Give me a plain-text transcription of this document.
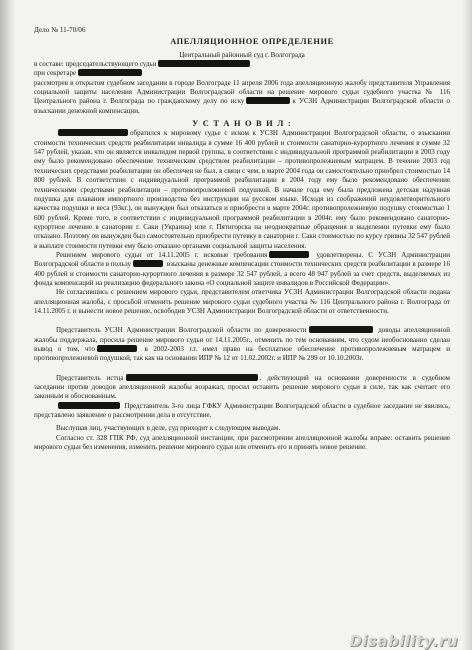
Дело № 11-70/06
АПЕЛЛЯЦИОННОЕ ОПРЕДЕЛЕНИЕ

Центральный районный суд г. Волгограда

в составе: председательствующего судьи

при секретаре

рассмотрев в открытом судебном заседании в городе Волгограде 11 апреля 2006 года апелляционную жалобу представителя Управления социальной защиты населения Администрации Волгоградской области на решение мирового судьи судебного участка № 116 Центрального района г. Волгограда по гражданскому делу по иску	к УСЗН Администрации Волгоградской области о взыскании денежной компенсации,

У С Т А Н О В И Л :

обратился к мировому судье с иском к УСЗН Администрации Волгоградской области, о взыскании стоимости технических средств реабилитации инвалида в сумме 16 400 рублей и стоимости санаторно-курортного лечения в сумме 32 547 рублей, указав, что он является инвалидом первой группы, в соответствии с индивидуальной программой реабилитации в 2003 году ему было рекомендовано обеспечение техническим средством реабилитации – противопролежневым матрацем. В течение 2003 год технических средствами реабилитации он обеспечен не был, в связи с чем, в марте 2004 года он самостоятельно приобрел стоимостью 14 800 рублей. В соответствии с индивидуальной программой реабилитации в 2004 году ему было рекомендовано обеспечение техническими средствами реабилитации – противопролежневой подушкой. В начале года ему была предложена детская надувная подушка для плавания импортного производства без инструкции на русском языке. Исходя из соображений неудовлетворительного качества подушки и веса (93кг.), он вынужден был отказаться и приобрести в марте 2004г. противопролежневую подушку стоимостью 1 600 рублей. Кроме того, в соответствии с индивидуальной программой реабилитации в 2004г. ему было рекомендовано санаторно-курортное лечение в санатории г. Саки (Украина) или г. Пятигорска на неоднократные обращения в выделении путевки ему было отказано. Поэтому он вынужден был самостоятельно приобрести путевку в санатории г. Саки стоимостью по курсу гривны 32 547 рублей в выплате стоимости путевки ему было отказано органами социальной защиты населения.

Решением мирового судьи от 14.11.2005 г. исковые требования	удовлетворены. С УСЗН Администрации Волгоградской области в пользу	взысканы денежные компенсации стоимости технических средств реабилитации в размере 16 400 рублей и стоимости санаторно-курортного лечения в размере 32 547 рублей, а всего 48 947 рублей за счет средств, выделяемых из фонда компенсаций на реализацию федерального закона «О социальной защите инвалидов в Российской Федерации».

Не согласившись с решением мирового судьи, представителем ответчика УСЗН Администрации Волгоградской области подана апелляционная жалоба, с просьбой отменить решение мирового судьи судебного участка № 116 Центрального района г. Волгограда от 14.11.2005 г. и вынести новое решение, освободив УСЗН Администрации Волгоградской области от ответственности.

Представитель УСЗН Администрации Волгоградской области по доверенности	доводы апелляционной жалобы поддержала, просила решение мирового судьи от 14.11.2005г., отменить по тем основаниям, что судом необоснованно сделан вывод о том, что	в 2002-2003 г.г. имел право на бесплатное обеспечение противопролежневым матрацем и противопролежневой подушкой, так как на основании ИПР № 12 от 11.02.2002г. и ИПР № 299 от 10.10.2003г.

Представитель истца	, действующий на основании доверенности в судебном заседании против доводов апелляционной жалобы возражал, просил оставить решение мирового судьи в силе, так как считает его законным и обоснованным.

Представитель 3-го лица ГФКУ Администрации Волгоградской области в судебное заседание не явились, представлено заявление о рассмотрении дела в отсутствие.

Выслушав лиц, участвующих в деле, суд приходит к следующим выводам.

Согласно ст. 328 ГПК РФ, суд апелляционной инстанции, при рассмотрении апелляционной жалобы вправе: оставить решение мирового судьи без изменения, изменить решение мирового судьи или отменить его и принять новое решение.

Disability.ru
